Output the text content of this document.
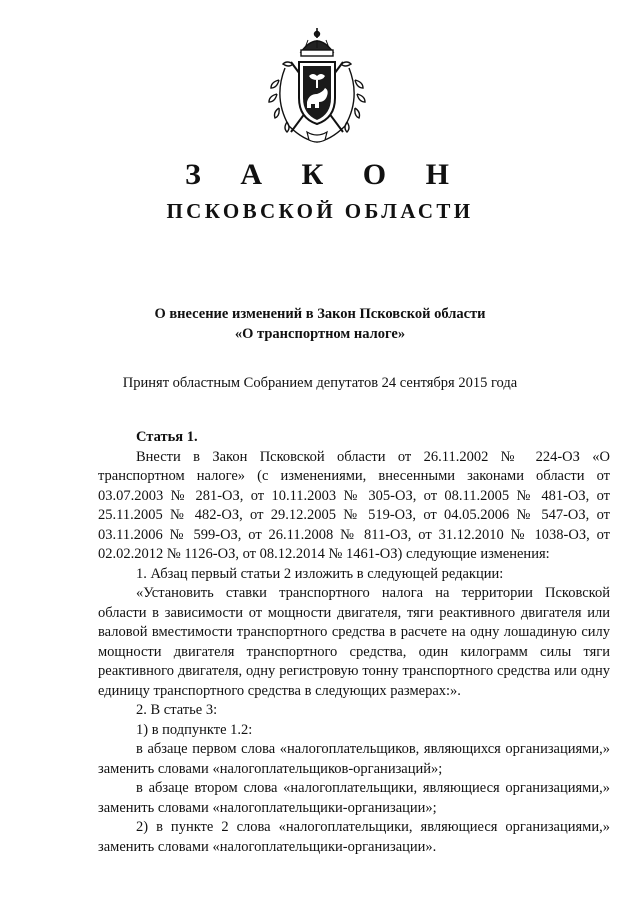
З А К О Н
ПСКОВСКОЙ ОБЛАСТИ
О внесение изменений в Закон Псковской области
«О транспортном налоге»
Принят областным Собранием депутатов 24 сентября 2015 года

Статья 1.

Внести в Закон Псковской области от 26.11.2002 № 224-ОЗ «О транспортном налоге» (с изменениями, внесенными законами области от 03.07.2003 № 281-ОЗ, от 10.11.2003 № 305-ОЗ, от 08.11.2005 № 481-ОЗ, от 25.11.2005 № 482-ОЗ, от 29.12.2005 № 519-ОЗ, от 04.05.2006 № 547-ОЗ, от 03.11.2006 № 599-ОЗ, от 26.11.2008 № 811-ОЗ, от 31.12.2010 № 1038-ОЗ, от 02.02.2012 № 1126-ОЗ, от 08.12.2014 № 1461-ОЗ) следующие изменения:

1. Абзац первый статьи 2 изложить в следующей редакции:

«Установить ставки транспортного налога на территории Псковской области в зависимости от мощности двигателя, тяги реактивного двигателя или валовой вместимости транспортного средства в расчете на одну лошадиную силу мощности двигателя транспортного средства, один килограмм силы тяги реактивного двигателя, одну регистровую тонну транспортного средства или одну единицу транспортного средства в следующих размерах:».

2. В статье 3:

1) в подпункте 1.2:

в абзаце первом слова «налогоплательщиков, являющихся организациями,» заменить словами «налогоплательщиков-организаций»;

в абзаце втором слова «налогоплательщики, являющиеся организациями,» заменить словами «налогоплательщики-организации»;

2) в пункте 2 слова «налогоплательщики, являющиеся организациями,» заменить словами «налогоплательщики-организации».
